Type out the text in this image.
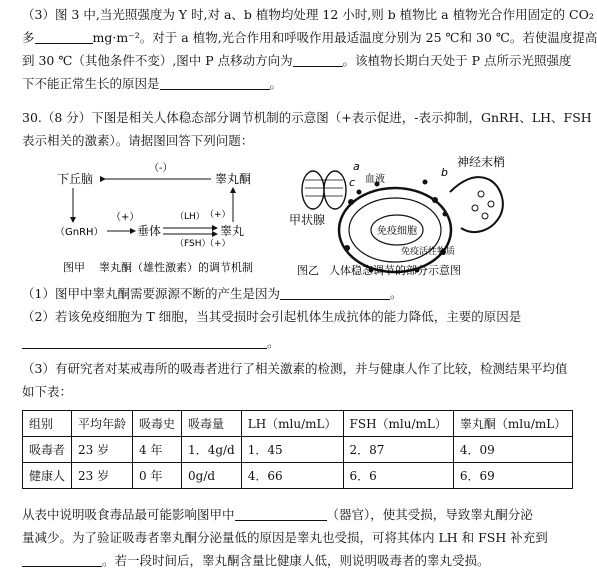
（3）图 3 中,当光照强度为 Y 时,对 a、b 植物均处理 12 小时,则 b 植物比 a 植物光合作用固定的 CO₂
多	mg·m⁻²。对于 a 植物,光合作用和呼吸作用最适温度分别为 25 ℃和 30 ℃。若使温度提高
到 30 ℃（其他条件不变）,图中 P 点移动方向为	。该植物长期白天处于 P 点所示光照强度
下不能正常生长的原因是	。
30.（8 分）下图是相关人体稳态部分调节机制的示意图（+表示促进，-表示抑制，GnRH、LH、FSH
表示相关的激素）。请据图回答下列问题：
下丘脑	睾丸酮
（-）
（GnRH）
（+）
垂体
（LH） （+）
（FSH）
（+）
睾丸
图甲 睾丸酮（雄性激素）的调节机制
甲状腺
免疫细胞
神经末梢
a
c
b
血液
免疫活性物质
图乙 人体稳态调节的部分示意图
（1）图甲中睾丸酮需要源源不断的产生是因为	。
（2）若该免疫细胞为 T 细胞，当其受损时会引起机体生成抗体的能力降低，主要的原因是
。
（3）有研究者对某戒毒所的吸毒者进行了相关激素的检测，并与健康人作了比较，检测结果平均值
如下表：
组别	平均年龄	吸毒史	吸毒量	LH（mlu/mL）	FSH（mlu/mL）	睾丸酮（mlu/mL）
吸毒者	23 岁	4 年	1．4g/d	1．45	2．87	4．09
健康人	23 岁	0 年	0g/d	4．66	6．6	6．69
从表中说明吸食毒品最可能影响图甲中	（器官），使其受损，导致睾丸酮分泌
量减少。为了验证吸毒者睾丸酮分泌量低的原因是睾丸也受损，可将其体内 LH 和 FSH 补充到
。若一段时间后，睾丸酮含量比健康人低，则说明吸毒者的睾丸受损。
